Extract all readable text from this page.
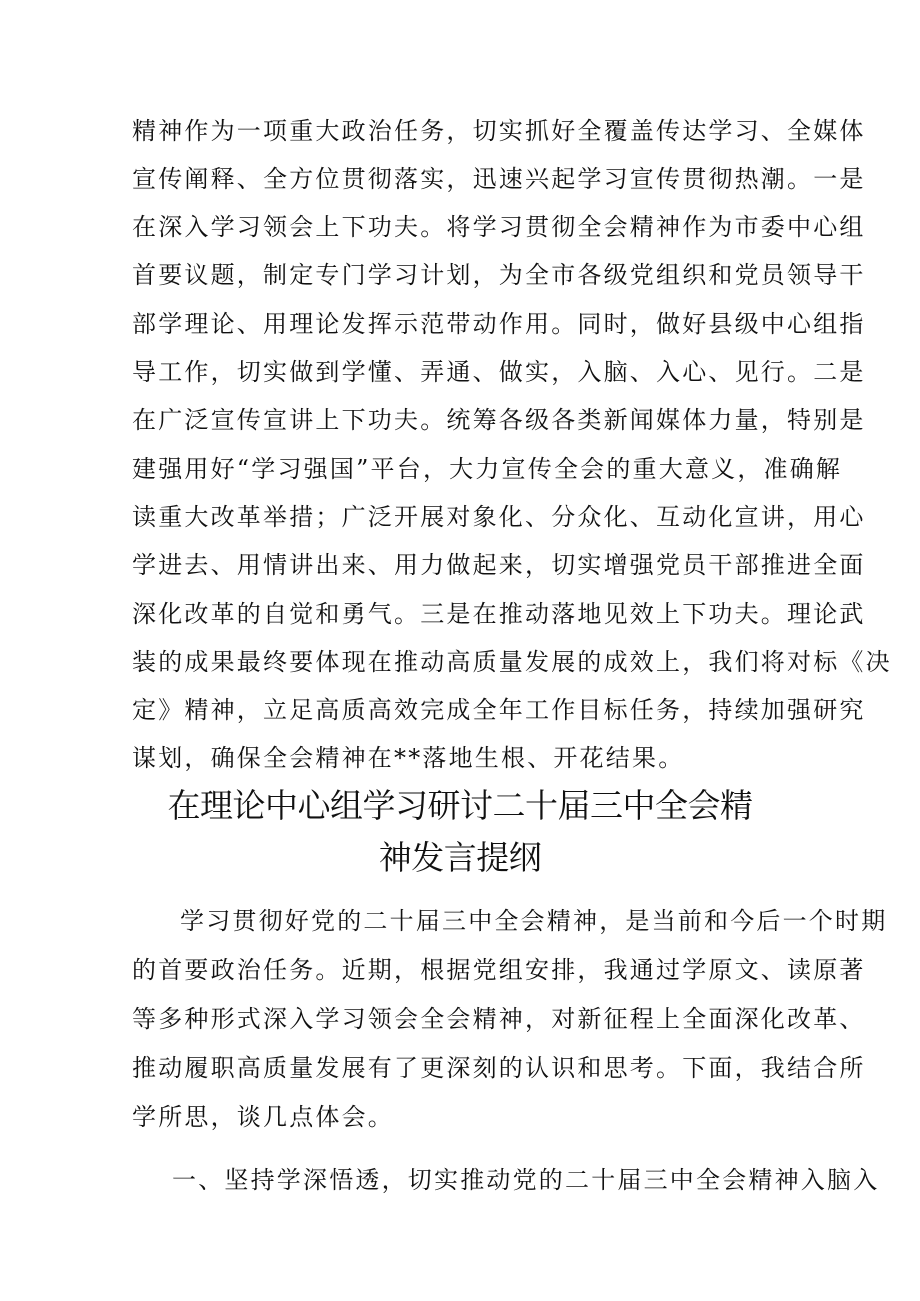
精神作为一项重大政治任务，切实抓好全覆盖传达学习、全媒体
宣传阐释、全方位贯彻落实，迅速兴起学习宣传贯彻热潮。一是
在深入学习领会上下功夫。将学习贯彻全会精神作为市委中心组
首要议题，制定专门学习计划，为全市各级党组织和党员领导干
部学理论、用理论发挥示范带动作用。同时，做好县级中心组指
导工作，切实做到学懂、弄通、做实，入脑、入心、见行。二是
在广泛宣传宣讲上下功夫。统筹各级各类新闻媒体力量，特别是
建强用好“学习强国”平台，大力宣传全会的重大意义，准确解
读重大改革举措；广泛开展对象化、分众化、互动化宣讲，用心
学进去、用情讲出来、用力做起来，切实增强党员干部推进全面
深化改革的自觉和勇气。三是在推动落地见效上下功夫。理论武
装的成果最终要体现在推动高质量发展的成效上，我们将对标《决
定》精神，立足高质高效完成全年工作目标任务，持续加强研究
谋划，确保全会精神在**落地生根、开花结果。
在理论中心组学习研讨二十届三中全会精
神发言提纲
学习贯彻好党的二十届三中全会精神，是当前和今后一个时期
的首要政治任务。近期，根据党组安排，我通过学原文、读原著
等多种形式深入学习领会全会精神，对新征程上全面深化改革、
推动履职高质量发展有了更深刻的认识和思考。下面，我结合所
学所思，谈几点体会。
一、坚持学深悟透，切实推动党的二十届三中全会精神入脑入
